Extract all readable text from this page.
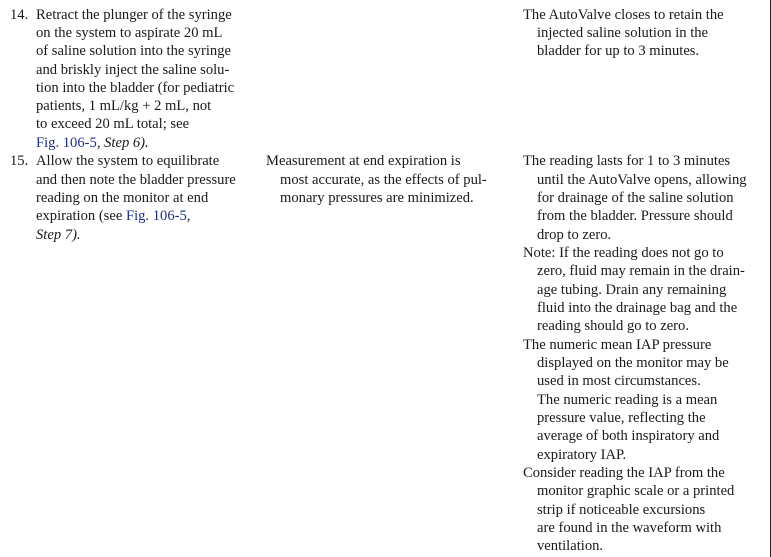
14. Retract the plunger of the syringe
on the system to aspirate 20 mL
of saline solution into the syringe
and briskly inject the saline solu-
tion into the bladder (for pediatric
patients, 1 mL/kg + 2 mL, not
to exceed 20 mL total; see
Fig. 106-5, Step 6).
The AutoValve closes to retain the
injected saline solution in the
bladder for up to 3 minutes.
15. Allow the system to equilibrate
and then note the bladder pressure
reading on the monitor at end
expiration (see Fig. 106-5,
Step 7).
Measurement at end expiration is
most accurate, as the effects of pul-
monary pressures are minimized.
The reading lasts for 1 to 3 minutes
until the AutoValve opens, allowing
for drainage of the saline solution
from the bladder. Pressure should
drop to zero.
Note: If the reading does not go to
zero, fluid may remain in the drain-
age tubing. Drain any remaining
fluid into the drainage bag and the
reading should go to zero.
The numeric mean IAP pressure
displayed on the monitor may be
used in most circumstances.
The numeric reading is a mean
pressure value, reflecting the
average of both inspiratory and
expiratory IAP.
Consider reading the IAP from the
monitor graphic scale or a printed
strip if noticeable excursions
are found in the waveform with
ventilation.
